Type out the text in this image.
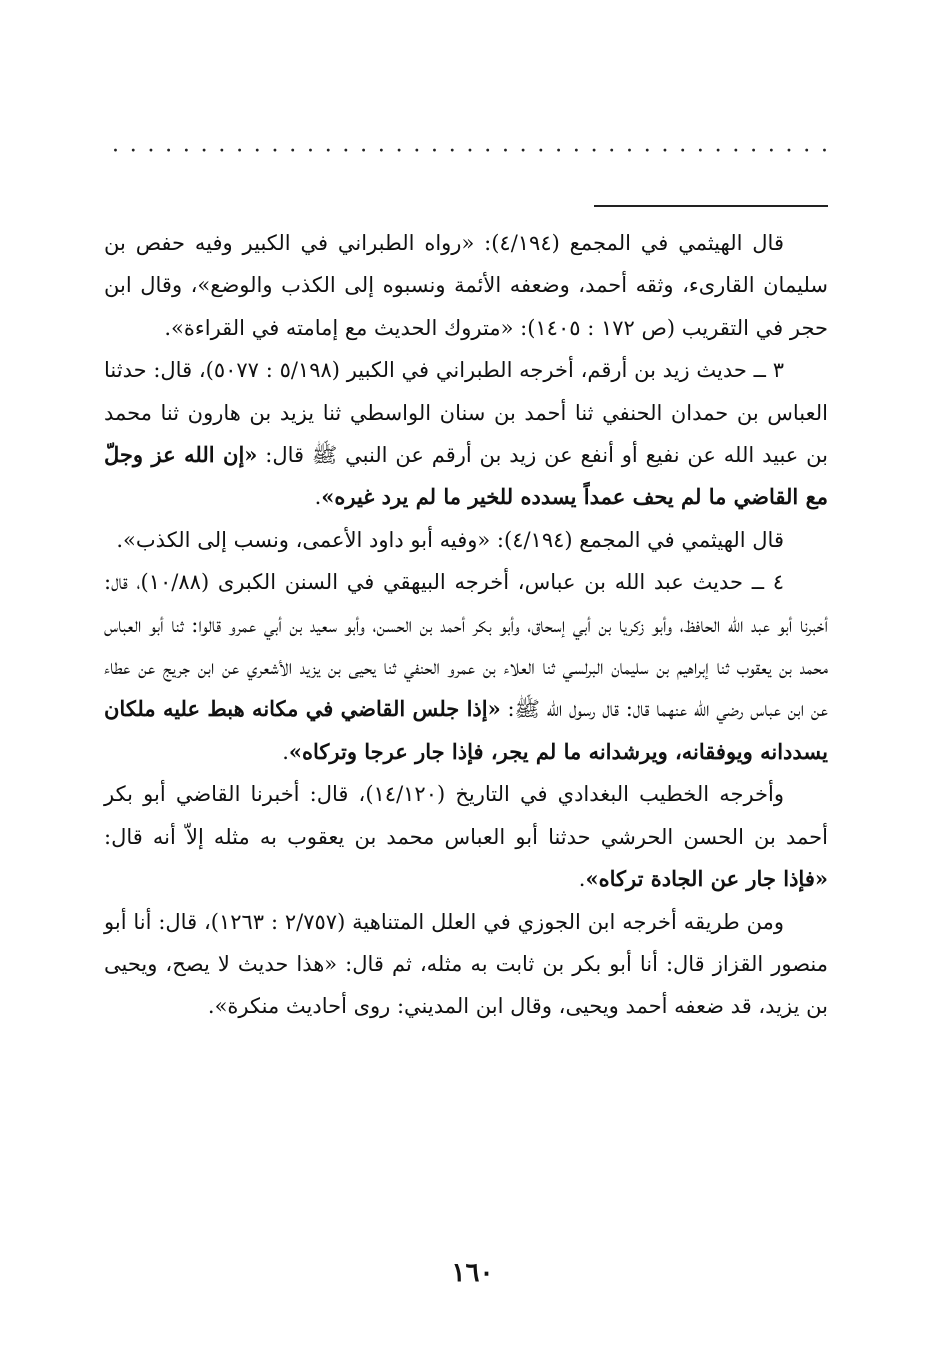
· · · · · · · · · · · · · · · · · · · · · · · · · · · · · · · · · · · · · · · · ·

قال الهيثمي في المجمع (٤/١٩٤): «رواه الطبراني في الكبير وفيه حفص بن سليمان القارىء، وثقه أحمد، وضعفه الأئمة ونسبوه إلى الكذب والوضع»، وقال ابن حجر في التقريب (ص ١٧٢ : ١٤٠٥): «متروك الحديث مع إمامته في القراءة».

٣ ــ حديث زيد بن أرقم، أخرجه الطبراني في الكبير (٥/١٩٨ : ٥٠٧٧)، قال: حدثنا العباس بن حمدان الحنفي ثنا أحمد بن سنان الواسطي ثنا يزيد بن هارون ثنا محمد بن عبيد الله عن نفيع أو أنفع عن زيد بن أرقم عن النبي ﷺ قال: «إن الله عز وجلّ مع القاضي ما لم يحف عمداً يسدده للخير ما لم يرد غيره».

قال الهيثمي في المجمع (٤/١٩٤): «وفيه أبو داود الأعمى، ونسب إلى الكذب».

٤ ــ حديث عبد الله بن عباس، أخرجه البيهقي في السنن الكبرى (١٠/٨٨)، قال: أخبرنا أبو عبد الله الحافظ، وأبو زكريا بن أبي إسحاق، وأبو بكر أحمد بن الحسن، وأبو سعيد بن أبي عمرو قالوا: ثنا أبو العباس محمد بن يعقوب ثنا إبراهيم بن سليمان البرلسي ثنا العلاء بن عمرو الحنفي ثنا يحيى بن يزيد الأشعري عن ابن جريج عن عطاء عن ابن عباس رضي الله عنهما قال: قال رسول الله ﷺ: «إذا جلس القاضي في مكانه هبط عليه ملكان يسددانه ويوفقانه، ويرشدانه ما لم يجر، فإذا جار عرجا وتركاه».

وأخرجه الخطيب البغدادي في التاريخ (١٤/١٢٠)، قال: أخبرنا القاضي أبو بكر أحمد بن الحسن الحرشي حدثنا أبو العباس محمد بن يعقوب به مثله إلاّ أنه قال: «فإذا جار عن الجادة تركاه».

ومن طريقه أخرجه ابن الجوزي في العلل المتناهية (٢/٧٥٧ : ١٢٦٣)، قال: أنا أبو منصور القزاز قال: أنا أبو بكر بن ثابت به مثله، ثم قال: «هذا حديث لا يصح، ويحيى بن يزيد، قد ضعفه أحمد ويحيى، وقال ابن المديني: روى أحاديث منكرة».

١٦٠
